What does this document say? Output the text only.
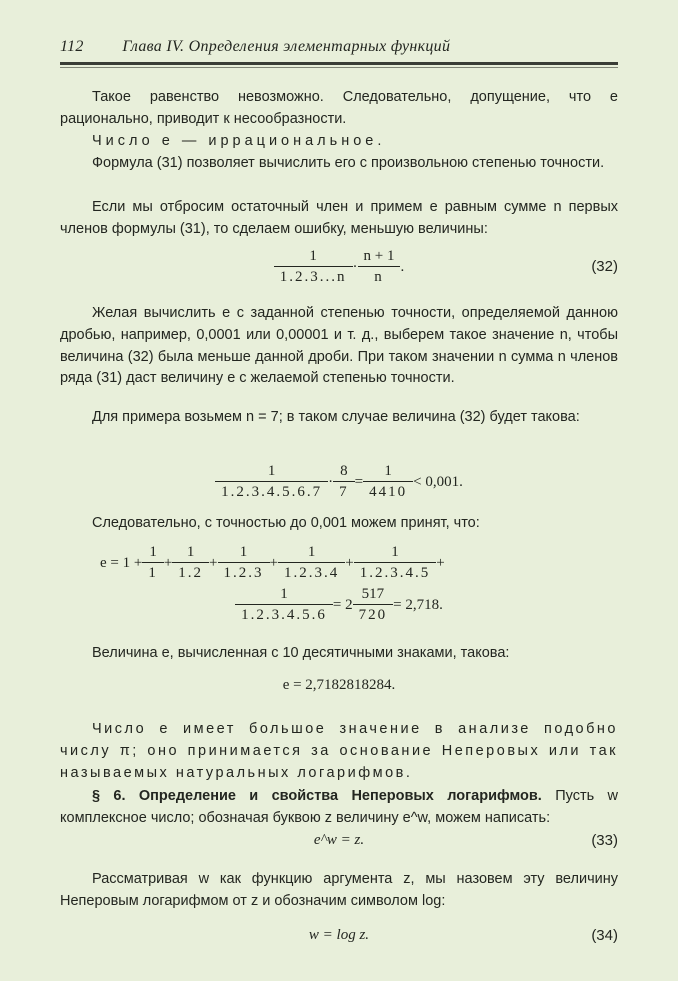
112 Глава IV. Определения элементарных функций
Такое равенство невозможно. Следовательно, допущение, что e рационально, приводит к несообразности.
Число e — иррациональное.
Формула (31) позволяет вычислить его с произвольною степенью точности.
Если мы отбросим остаточный член и примем e равным сумме n первых членов формулы (31), то сделаем ошибку, меньшую величины:
$\frac{1}{1.2.3...n} \cdot \frac{n + 1}{n}$ .	(32)
Желая вычислить e с заданной степенью точности, определяемой данною дробью, например, 0,0001 или 0,00001 и т. д., выберем такое значение n, чтобы величина (32) была меньше данной дроби. При таком значении n сумма n членов ряда (31) даст величину e с желаемой степенью точности.
Для примера возьмем n = 7; в таком случае величина (32) будет такова:
$\frac{1}{1.2.3.4.5.6.7} \cdot \frac{8}{7} = \frac{1}{4410} < 0,001$.
Следовательно, с точностью до 0,001 можем принят, что:
$e = 1 + \frac{1}{1} + \frac{1}{1.2} + \frac{1}{1.2.3} + \frac{1}{1.2.3.4} + \frac{1}{1.2.3.4.5}$ +
$\frac{1}{1.2.3.4.5.6} = 2 \frac{517}{720} = 2,718$.
Величина e, вычисленная с 10 десятичными знаками, такова:
e = 2,7182818284.
Число e имеет большое значение в анализе подобно числу π; оно принимается за основание Неперовых или так называемых натуральных логарифмов.
§ 6. Определение и свойства Неперовых логарифмов. Пусть w комплексное число; обозначая буквою z величину e^w, можем написать:
e^w = z.	(33)
Рассматривая w как функцию аргумента z, мы назовем эту величину Неперовым логарифмом от z и обозначим символом log:
w = log z.	(34)
